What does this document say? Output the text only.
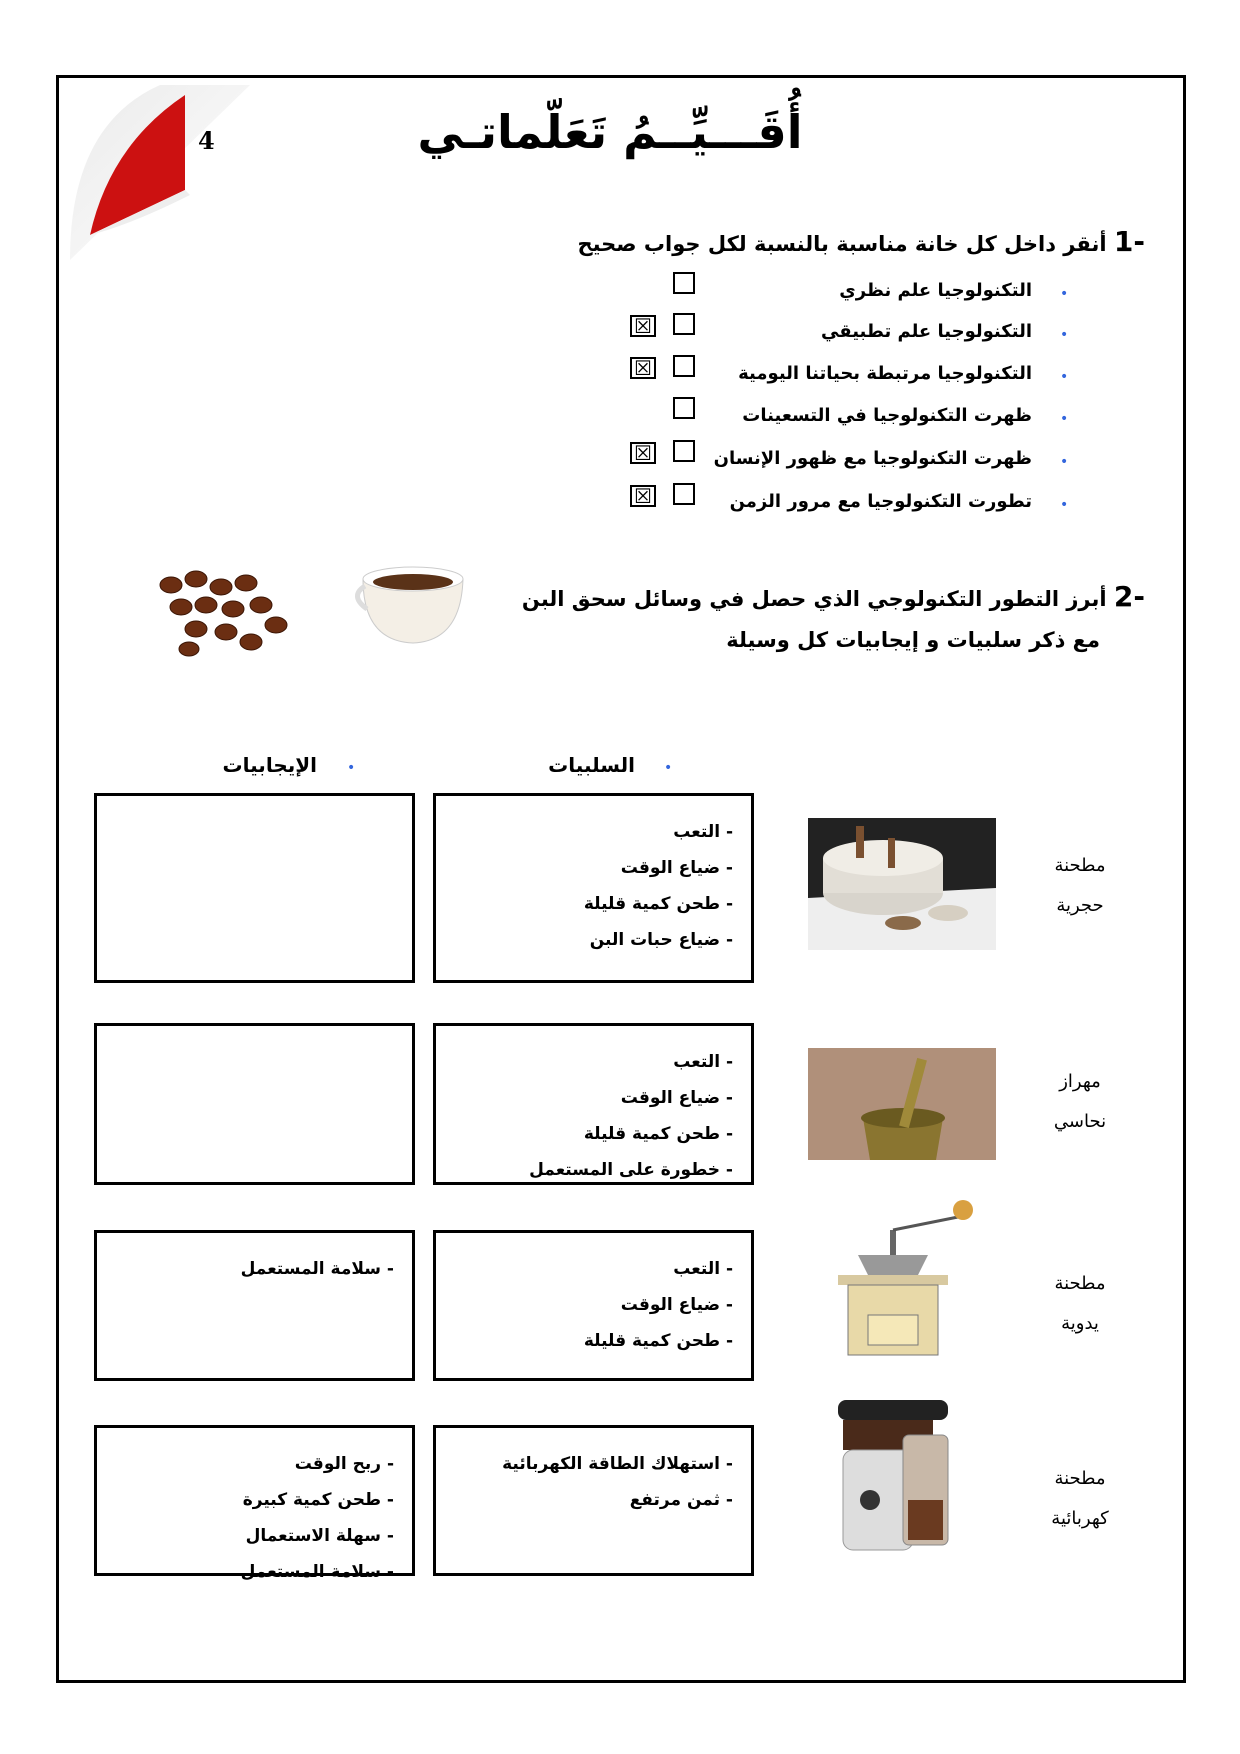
4	أُقَـــيِّــمُ تَعَلّماتـي
-1 أنقر داخل كل خانة مناسبة بالنسبة لكل جواب صحيح
•
التكنولوجيا علم نظري
•
التكنولوجيا علم تطبيقي
☒
•
التكنولوجيا مرتبطة بحياتنا اليومية
☒
•
ظهرت التكنولوجيا في التسعينات
•
ظهرت التكنولوجيا مع ظهور الإنسان
☒
•
تطورت التكنولوجيا مع مرور الزمن
☒
-2 أبرز التطور التكنولوجي الذي حصل في وسائل سحق البن
مع ذكر سلبيات و إيجابيات كل وسيلة
•
السلبيات
•
الإيجابيات
- التعب
- ضياع الوقت
- طحن كمية قليلة
- ضياع حبات البن
مطحنة
حجرية
- التعب
- ضياع الوقت
- طحن كمية قليلة
- خطورة على المستعمل
مهراز
نحاسي
- سلامة المستعمل	- التعب
- ضياع الوقت
- طحن كمية قليلة
مطحنة
يدوية
- ربح الوقت
- طحن كمية كبيرة
- سهلة الاستعمال
- سلامة المستعمل
- استهلاك الطاقة الكهربائية
- ثمن مرتفع
مطحنة
كهربائية
